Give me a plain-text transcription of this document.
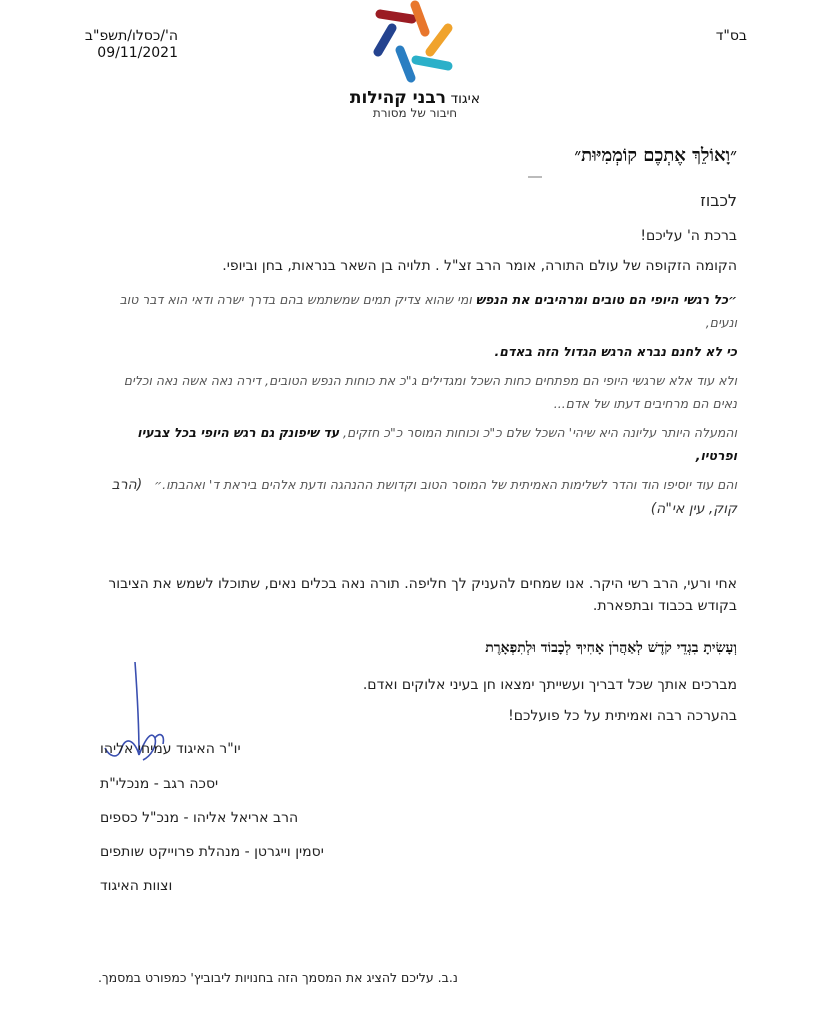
בס"ד
ה'/כסלו/תשפ"ב
09/11/2021
איגוד רבני קהילות
חיבור של מסורת
״וָאוֹלֵךְ אֶתְכֶם קוֹמְמִיּוּת״
לכבוז
ברכת ה' עליכם!
הקומה הזקופה של עולם התורה, אומר הרב זצ"ל . תלויה בן השאר בנראות, בחן וביופי.
״כל רגשי היופי הם טובים ומרהיבים את הנפש ומי שהוא צדיק תמים שמשתמש בהם בדרך ישרה ודאי הוא דבר טוב ונעים,
כי לא לחנם נברא הרגש הגדול הזה באדם.
ולא עוד אלא שרגשי היופי הם מפתחים כחות השכל ומגדילים ג"כ את כוחות הנפש הטובים, דירה נאה אשה נאה וכלים נאים הם מרחיבים דעתו של אדם...
והמעלה היותר עליונה היא שיהי' השכל שלם כ"כ וכוחות המוסר כ"כ חזקים, עד שיפונק גם רגש היופי בכל צבעיו ופרטיו,
והם עוד יוסיפו הוד והדר לשלימות האמיתית של המוסר הטוב וקדושת ההנהגה ודעת אלהים ביראת ד' ואהבתו.״   (הרב קוק, עין אי"ה)
אחי ורעי, הרב רשי היקר. אנו שמחים להעניק לך חליפה. תורה נאה בכלים נאים, שתוכלו לשמש את הציבור בקודש בכבוד ובתפארת.
וְעָשִׂיתָ בִגְדֵי קֹדֶשׁ לְאַהֲרֹן אָחִיךָ לְכָבוֹד וּלְתִפְאָרֶת
מברכים אותך שכל דבריך ועשייתך ימצאו חן בעיני אלוקים ואדם.
בהערכה רבה ואמיתית על כל פועלכם!
יו"ר האיגוד עמיחי אליהו
יסכה רגב - מנכלי"ת
הרב אריאל אליהו - מנכ"ל כספים
יסמין וייגרטן - מנהלת פרוייקט שותפים
וצוות האיגוד
נ.ב. עליכם להציג את המסמך הזה בחנויות ליבוביץ' כמפורט במסמך.
